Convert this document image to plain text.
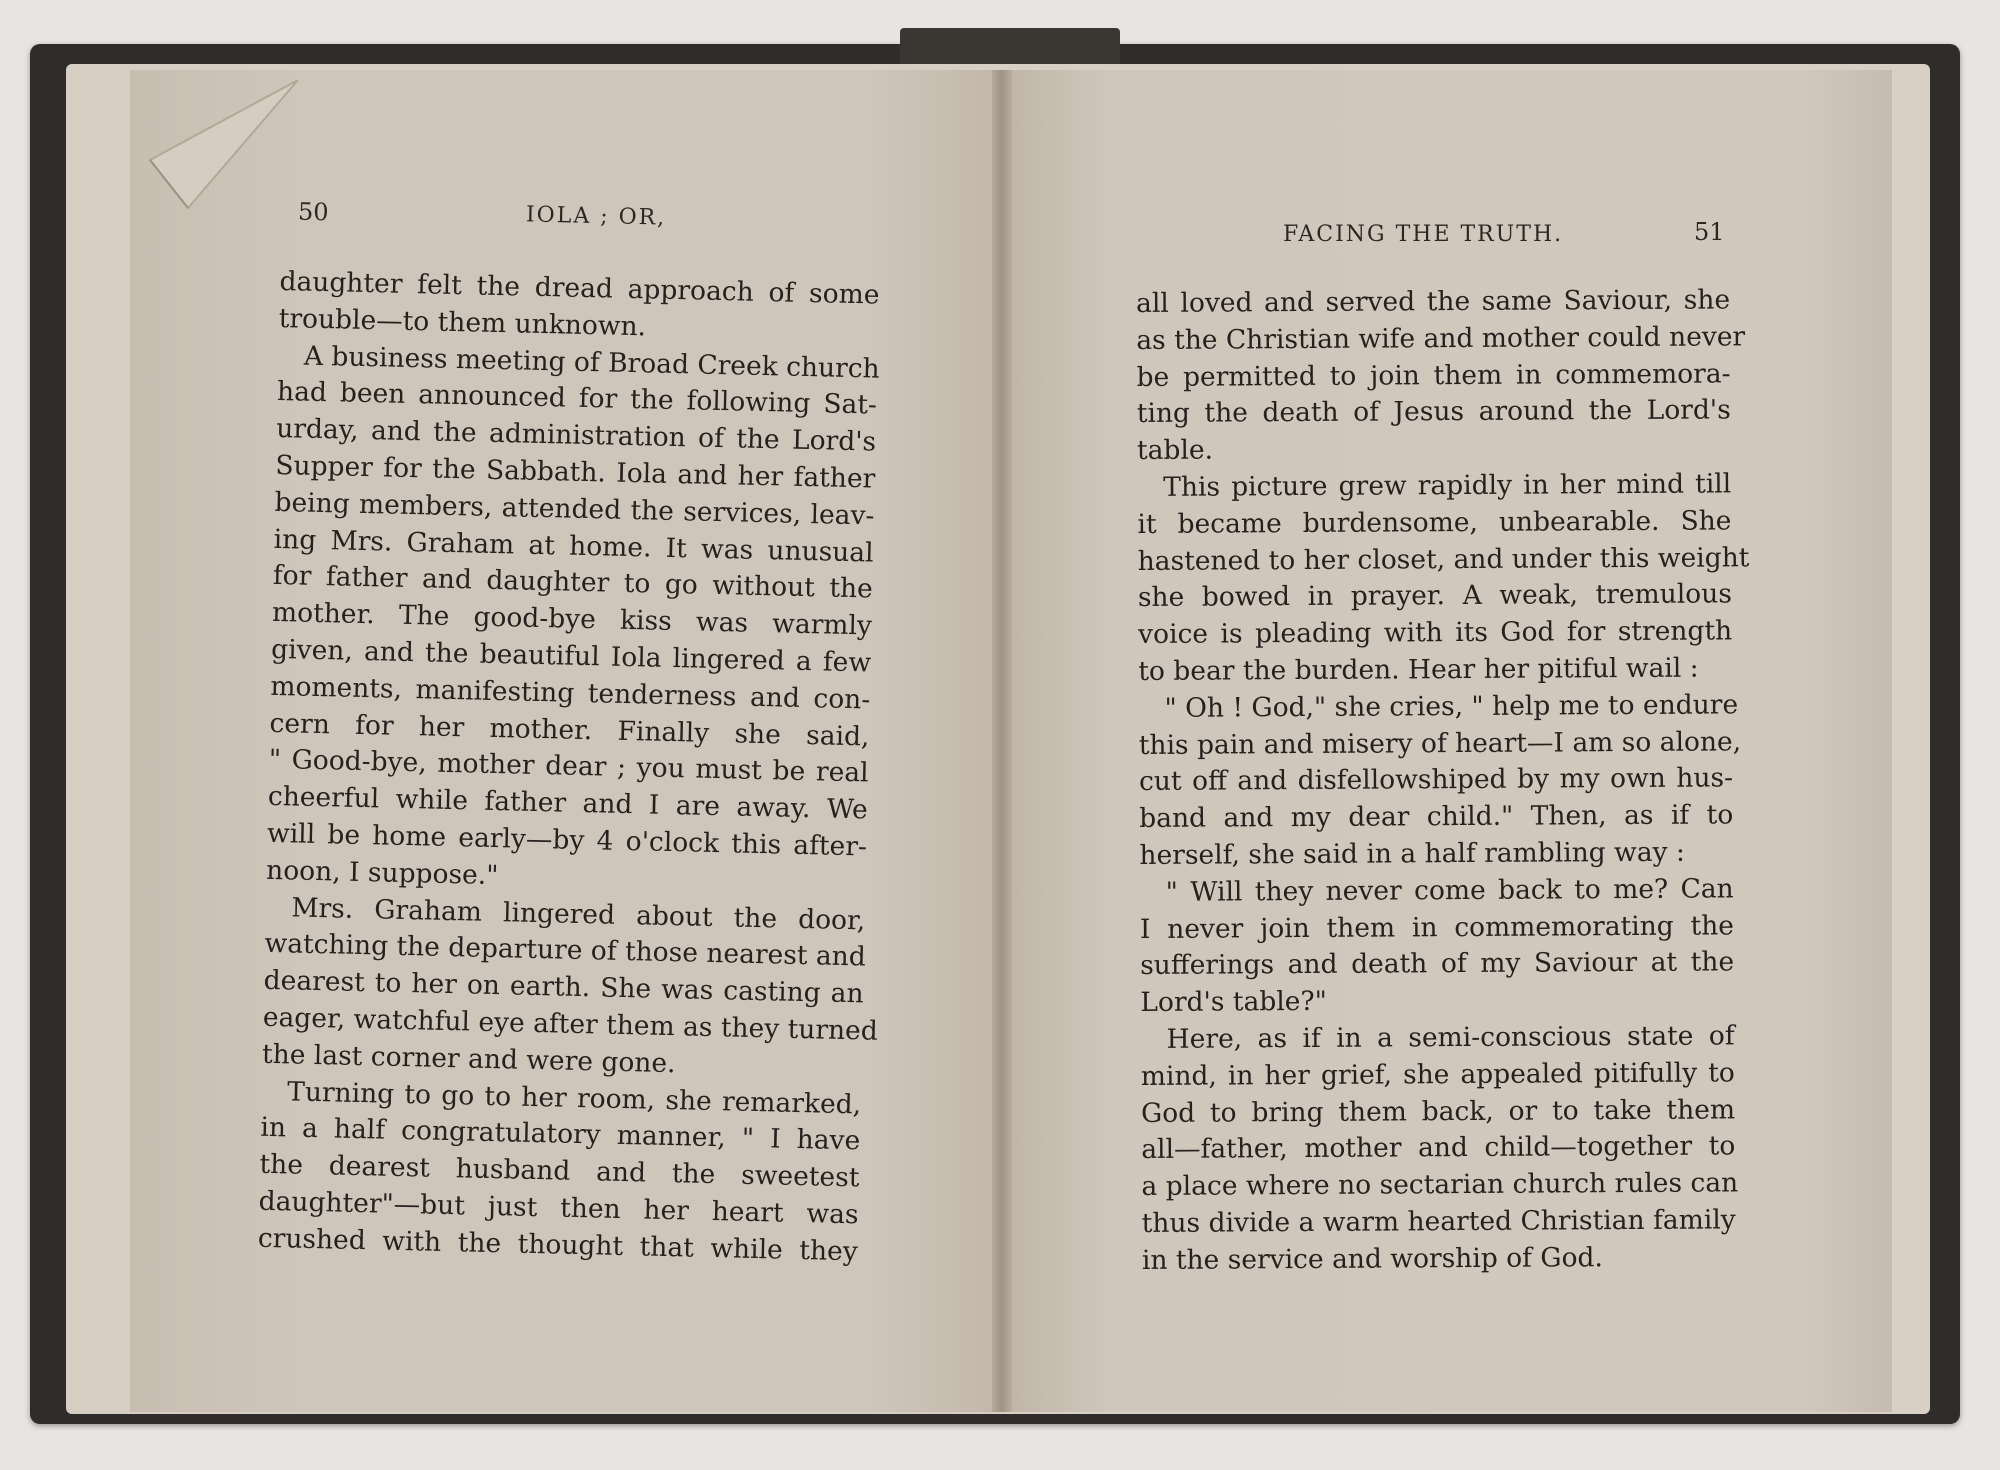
50	IOLA ; OR,
FACING THE TRUTH.	51
daughter felt the dread approach of some
trouble—to them unknown.
A business meeting of Broad Creek church
had been announced for the following Sat-
urday, and the administration of the Lord's
Supper for the Sabbath. Iola and her father
being members, attended the services, leav-
ing Mrs. Graham at home. It was unusual
for father and daughter to go without the
mother. The good-bye kiss was warmly
given, and the beautiful Iola lingered a few
moments, manifesting tenderness and con-
cern for her mother. Finally she said,
" Good-bye, mother dear ; you must be real
cheerful while father and I are away. We
will be home early—by 4 o'clock this after-
noon, I suppose."
Mrs. Graham lingered about the door,
watching the departure of those nearest and
dearest to her on earth. She was casting an
eager, watchful eye after them as they turned
the last corner and were gone.
Turning to go to her room, she remarked,
in a half congratulatory manner, " I have
the dearest husband and the sweetest
daughter"—but just then her heart was
crushed with the thought that while they
all loved and served the same Saviour, she
as the Christian wife and mother could never
be permitted to join them in commemora-
ting the death of Jesus around the Lord's
table.
This picture grew rapidly in her mind till
it became burdensome, unbearable. She
hastened to her closet, and under this weight
she bowed in prayer. A weak, tremulous
voice is pleading with its God for strength
to bear the burden. Hear her pitiful wail :
" Oh ! God," she cries, " help me to endure
this pain and misery of heart—I am so alone,
cut off and disfellowshiped by my own hus-
band and my dear child." Then, as if to
herself, she said in a half rambling way :
" Will they never come back to me? Can
I never join them in commemorating the
sufferings and death of my Saviour at the
Lord's table?"
Here, as if in a semi-conscious state of
mind, in her grief, she appealed pitifully to
God to bring them back, or to take them
all—father, mother and child—together to
a place where no sectarian church rules can
thus divide a warm hearted Christian family
in the service and worship of God.
